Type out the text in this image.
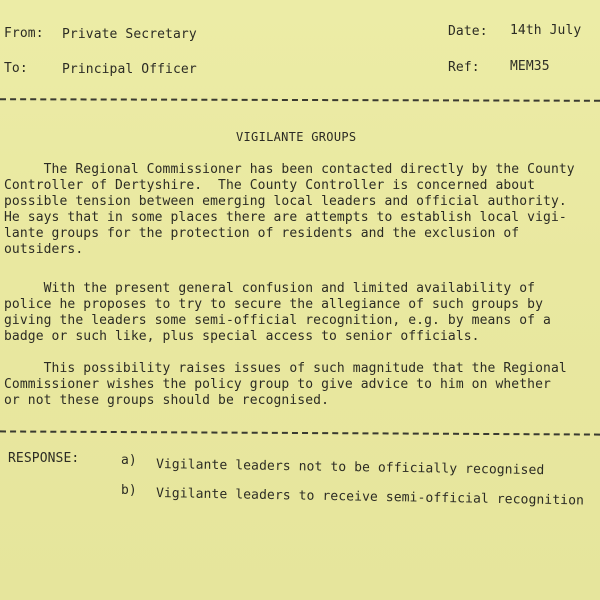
From: Private Secretary	Date: 14th July
To:	Principal Officer	Ref: MEM35
VIGILANTE GROUPS
The Regional Commissioner has been contacted directly by the County
Controller of Dertyshire.  The County Controller is concerned about
possible tension between emerging local leaders and official authority.
He says that in some places there are attempts to establish local vigi-
lante groups for the protection of residents and the exclusion of
outsiders.
With the present general confusion and limited availability of
police he proposes to try to secure the allegiance of such groups by
giving the leaders some semi-official recognition, e.g. by means of a
badge or such like, plus special access to senior officials.
This possibility raises issues of such magnitude that the Regional
Commissioner wishes the policy group to give advice to him on whether
or not these groups should be recognised.
RESPONSE:	a) Vigilante leaders not to be officially recognised
b) Vigilante leaders to receive semi-official recognition
